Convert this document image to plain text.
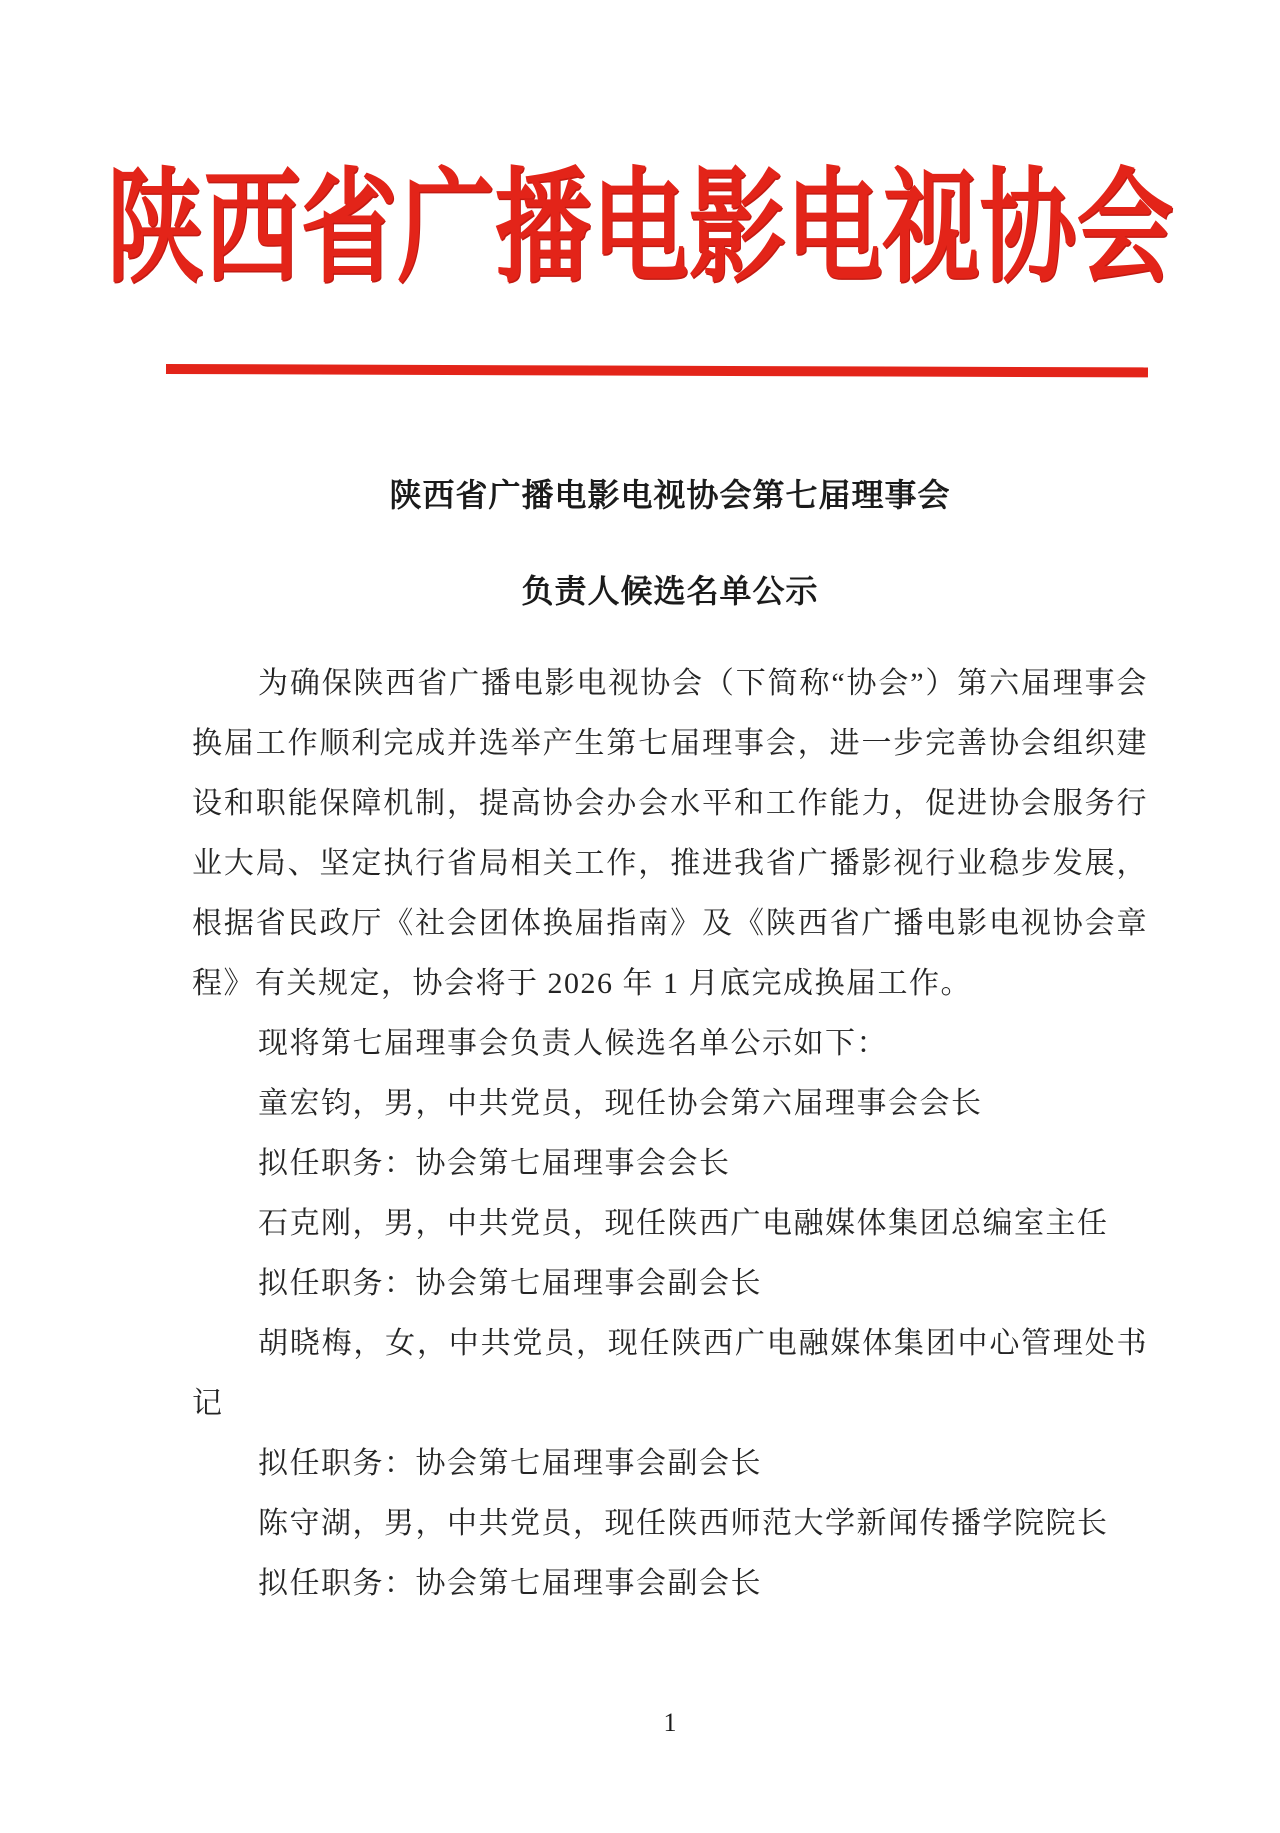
陕西省广播电影电视协会
陕西省广播电影电视协会第七届理事会
负责人候选名单公示

为确保陕西省广播电影电视协会（下简称“协会”）第六届理事会换届工作顺利完成并选举产生第七届理事会，进一步完善协会组织建设和职能保障机制，提高协会办会水平和工作能力，促进协会服务行业大局、坚定执行省局相关工作，推进我省广播影视行业稳步发展，根据省民政厅《社会团体换届指南》及《陕西省广播电影电视协会章程》有关规定，协会将于 2026 年 1 月底完成换届工作。

现将第七届理事会负责人候选名单公示如下：

童宏钧，男，中共党员，现任协会第六届理事会会长

拟任职务：协会第七届理事会会长

石克刚，男，中共党员，现任陕西广电融媒体集团总编室主任

拟任职务：协会第七届理事会副会长

胡晓梅，女，中共党员，现任陕西广电融媒体集团中心管理处书记

拟任职务：协会第七届理事会副会长

陈守湖，男，中共党员，现任陕西师范大学新闻传播学院院长

拟任职务：协会第七届理事会副会长

1
